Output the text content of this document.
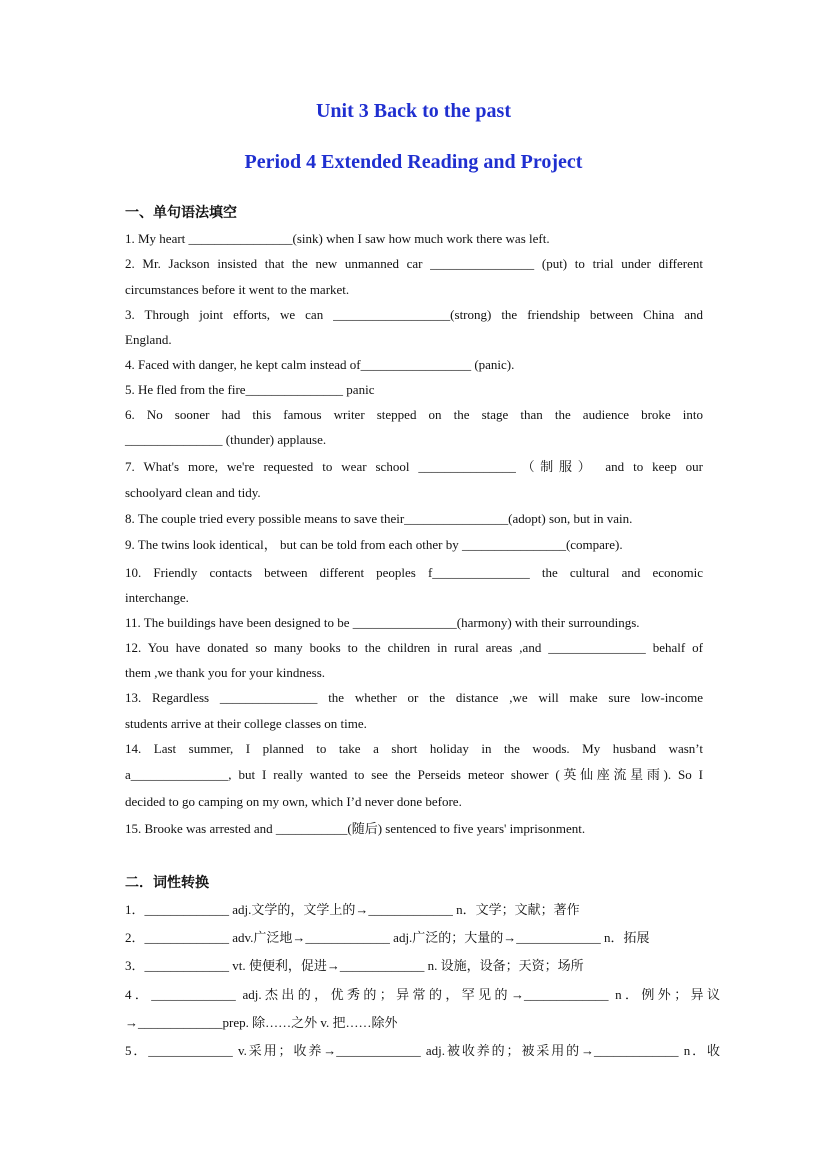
Unit 3 Back to the past
Period 4 Extended Reading and Project
一、单句语法填空
二．词性转换
1. My heart ________________(sink) when I saw how much work there was left.
2. Mr. Jackson insisted that the new unmanned car ________________ (put) to trial under different
circumstances before it went to the market.
3. Through joint efforts, we can __________________(strong) the friendship between China and
England.
4. Faced with danger, he kept calm instead of_________________ (panic).
5. He fled from the fire_______________ panic
6. No sooner had this famous writer stepped on the stage than the audience broke into
_______________ (thunder) applause.
7. What's more, we're requested to wear school _______________（制服） and to keep our
schoolyard clean and tidy.
8. The couple tried every possible means to save their________________(adopt) son, but in vain.
9. The twins look identical， but can be told from each other by ________________(compare).
10. Friendly contacts between different peoples f_______________ the cultural and economic
interchange.
11. The buildings have been designed to be ________________(harmony) with their surroundings.
12. You have donated so many books to the children in rural areas ,and _______________ behalf of
them ,we thank you for your kindness.
13. Regardless _______________ the whether or the distance ,we will make sure low-income
students arrive at their college classes on time.
14. Last summer, I planned to take a short holiday in the woods. My husband wasn’t
a_______________, but I really wanted to see the Perseids meteor shower (英仙座流星雨). So I
decided to go camping on my own, which I’d never done before.
15. Brooke was arrested and ___________(随后) sentenced to five years' imprisonment.
1．_____________ adj.文学的，文学上的→_____________ n．文学；文献；著作
2．_____________ adv.广泛地→_____________ adj.广泛的；大量的→_____________ n．拓展
3．_____________ vt. 使便利，促进→_____________ n. 设施，设备；天资；场所
4．_____________ adj.杰出的，优秀的；异常的，罕见的→_____________ n．例外；异议
→_____________prep. 除……之外 v. 把……除外
5．_____________ v.采用；收养→_____________ adj.被收养的；被采用的→_____________ n．收
